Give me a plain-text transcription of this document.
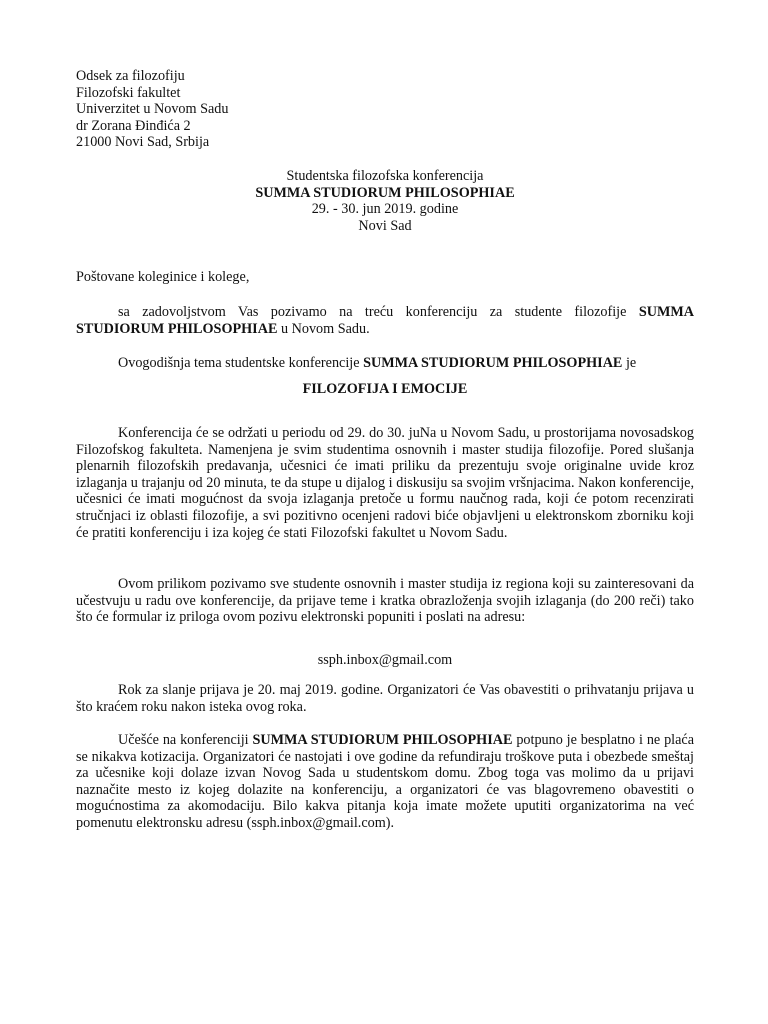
Odsek za filozofiju
Filozofski fakultet
Univerzitet u Novom Sadu
dr Zorana Đinđića 2
21000 Novi Sad, Srbija
Studentska filozofska konferencija
SUMMA STUDIORUM PHILOSOPHIAE
29. - 30. jun 2019. godine
Novi Sad
Poštovane koleginice i kolege,
sa zadovoljstvom Vas pozivamo na treću konferenciju za studente filozofije SUMMA STUDIORUM PHILOSOPHIAE u Novom Sadu.
Ovogodišnja tema studentske konferencije SUMMA STUDIORUM PHILOSOPHIAE je
FILOZOFIJA I EMOCIJE
Konferencija će se održati u periodu od 29. do 30. juNa u Novom Sadu, u prostorijama novosadskog Filozofskog fakulteta. Namenjena je svim studentima osnovnih i master studija filozofije. Pored slušanja plenarnih filozofskih predavanja, učesnici će imati priliku da prezentuju svoje originalne uvide kroz izlaganja u trajanju od 20 minuta, te da stupe u dijalog i diskusiju sa svojim vršnjacima. Nakon konferencije, učesnici će imati mogućnost da svoja izlaganja pretoče u formu naučnog rada, koji će potom recenzirati stručnjaci iz oblasti filozofije, a svi pozitivno ocenjeni radovi biće objavljeni u elektronskom zborniku koji će pratiti konferenciju i iza kojeg će stati Filozofski fakultet u Novom Sadu.
Ovom prilikom pozivamo sve studente osnovnih i master studija iz regiona koji su zainteresovani da učestvuju u radu ove konferencije, da prijave teme i kratka obrazloženja svojih izlaganja (do 200 reči) tako što će formular iz priloga ovom pozivu elektronski popuniti i poslati na adresu:
ssph.inbox@gmail.com
Rok za slanje prijava je 20. maj 2019. godine. Organizatori će Vas obavestiti o prihvatanju prijava u što kraćem roku nakon isteka ovog roka.
Učešće na konferenciji SUMMA STUDIORUM PHILOSOPHIAE potpuno je besplatno i ne plaća se nikakva kotizacija. Organizatori će nastojati i ove godine da refundiraju troškove puta i obezbede smeštaj za učesnike koji dolaze izvan Novog Sada u studentskom domu. Zbog toga vas molimo da u prijavi naznačite mesto iz kojeg dolazite na konferenciju, a organizatori će vas blagovremeno obavestiti o mogućnostima za akomodaciju. Bilo kakva pitanja koja imate možete uputiti organizatorima na već pomenutu elektronsku adresu (ssph.inbox@gmail.com).
